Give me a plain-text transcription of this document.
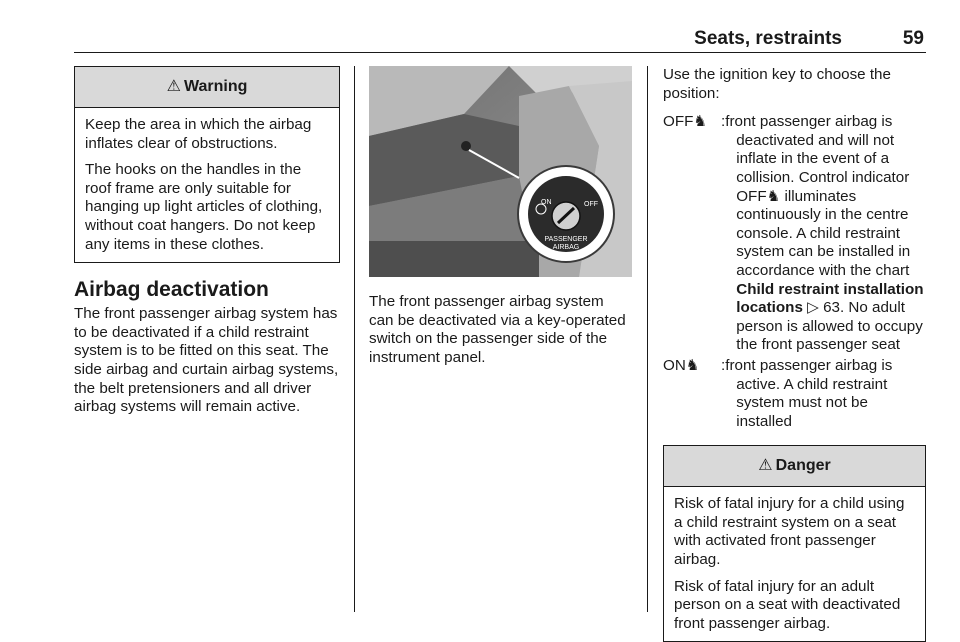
Seats, restraints	59
⚠ Warning

Keep the area in which the airbag inflates clear of obstructions.

The hooks on the handles in the roof frame are only suitable for hanging up light articles of clothing, without coat hangers. Do not keep any items in these clothes.

Airbag deactivation

The front passenger airbag system has to be deactivated if a child restraint system is to be fitted on this seat. The side airbag and curtain airbag systems, the belt pretensioners and all driver airbag systems will remain active.

ON	OFF
PASSENGER
AIRBAG

The front passenger airbag system can be deactivated via a key-operated switch on the passenger side of the instrument panel.

Use the ignition key to choose the position:

OFF♞ : front passenger airbag is deactivated and will not inflate in the event of a collision. Control indicator OFF♞ illuminates continuously in the centre console. A child restraint system can be installed in accordance with the chart Child restraint installation locations ▷ 63. No adult person is allowed to occupy the front passenger seat
ON♞	: front passenger airbag is active. A child restraint system must not be installed
⚠ Danger

Risk of fatal injury for a child using a child restraint system on a seat with activated front passenger airbag.

Risk of fatal injury for an adult person on a seat with deactivated front passenger airbag.
